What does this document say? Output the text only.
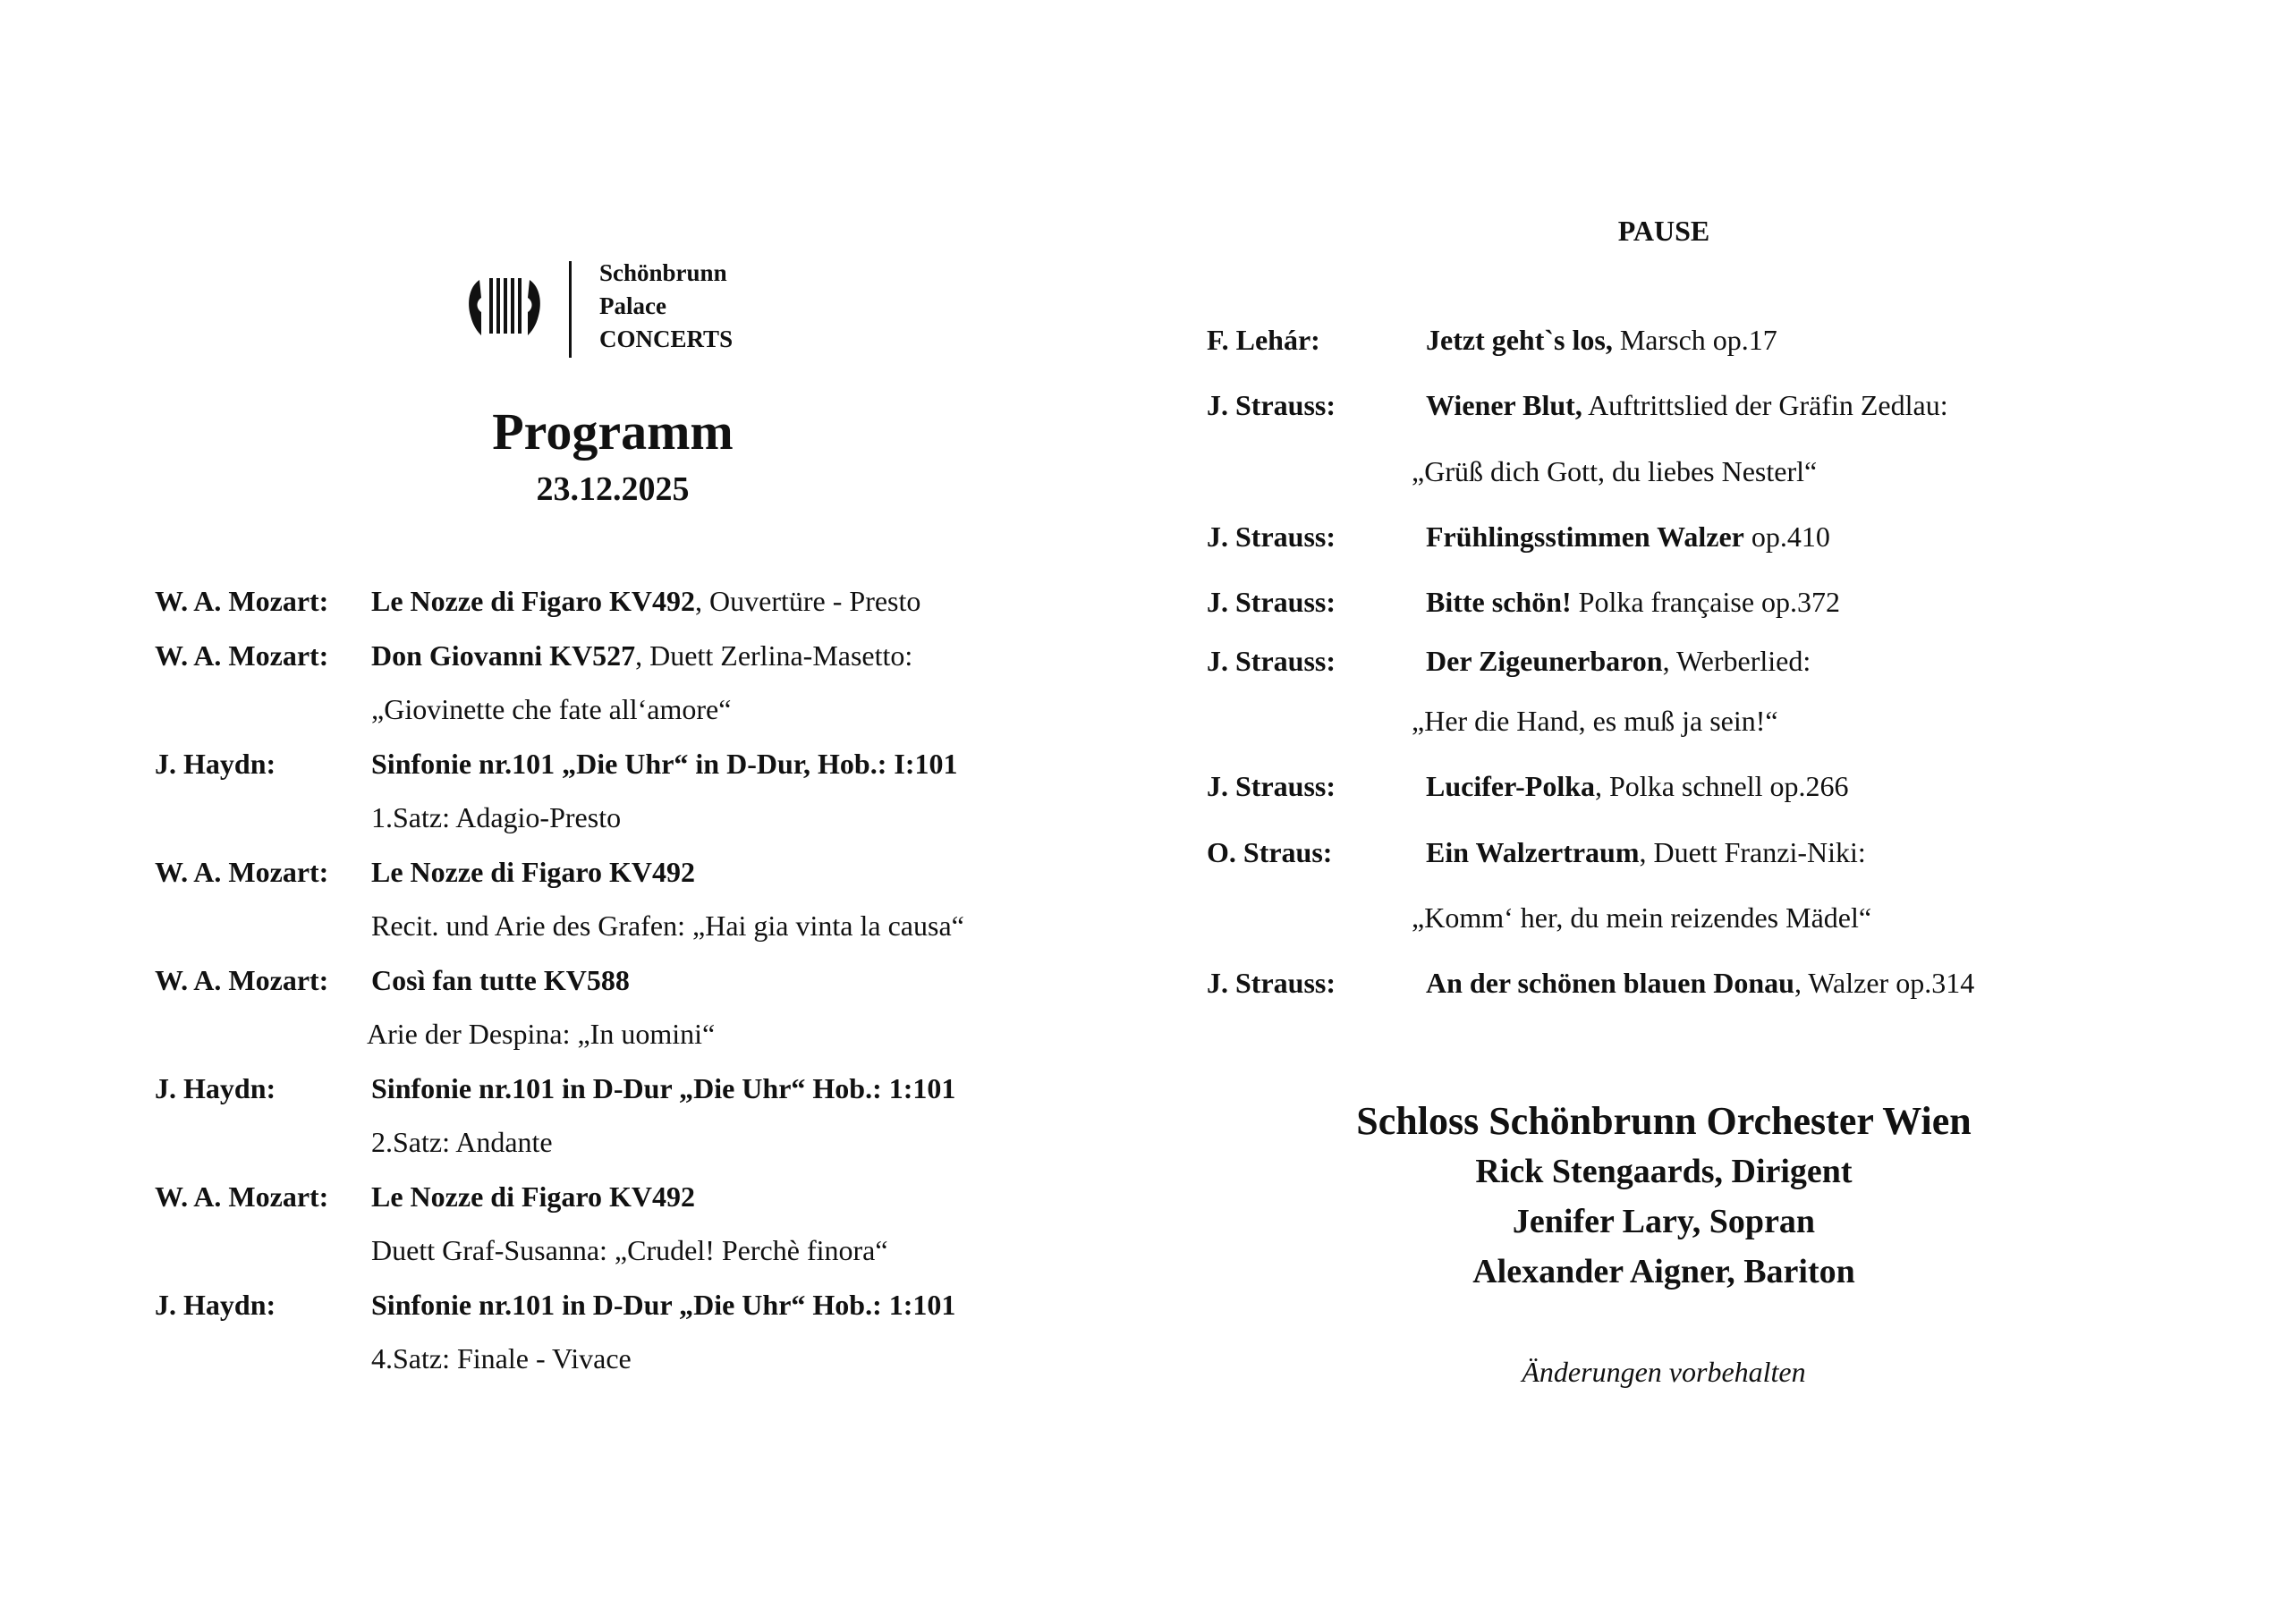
Schönbrunn
Palace
CONCERTS
Programm
23.12.2025
W. A. Mozart: Le Nozze di Figaro KV492, Ouvertüre - Presto
W. A. Mozart: Don Giovanni KV527, Duett Zerlina-Masetto:
„Giovinette che fate all‘amore“
J. Haydn:	Sinfonie nr.101 „Die Uhr“ in D-Dur, Hob.: I:101
1.Satz: Adagio-Presto
W. A. Mozart: Le Nozze di Figaro KV492
Recit. und Arie des Grafen: „Hai gia vinta la causa“
W. A. Mozart: Così fan tutte KV588
Arie der Despina: „In uomini“
J. Haydn:	Sinfonie nr.101 in D-Dur „Die Uhr“ Hob.: 1:101
2.Satz: Andante
W. A. Mozart: Le Nozze di Figaro KV492
Duett Graf-Susanna: „Crudel! Perchè finora“
J. Haydn:	Sinfonie nr.101 in D-Dur „Die Uhr“ Hob.: 1:101
4.Satz: Finale - Vivace
PAUSE
F. Lehár:	Jetzt geht`s los, Marsch op.17
J. Strauss:	Wiener Blut, Auftrittslied der Gräfin Zedlau:
„Grüß dich Gott, du liebes Nesterl“
J. Strauss:	Frühlingsstimmen Walzer op.410
J. Strauss:	Bitte schön! Polka française op.372
J. Strauss:	Der Zigeunerbaron, Werberlied:
„Her die Hand, es muß ja sein!“
J. Strauss:	Lucifer-Polka, Polka schnell op.266
O. Straus:	Ein Walzertraum, Duett Franzi-Niki:
„Komm‘ her, du mein reizendes Mädel“
J. Strauss:	An der schönen blauen Donau, Walzer op.314
Schloss Schönbrunn Orchester Wien
Rick Stengaards, Dirigent
Jenifer Lary, Sopran
Alexander Aigner, Bariton
Änderungen vorbehalten
